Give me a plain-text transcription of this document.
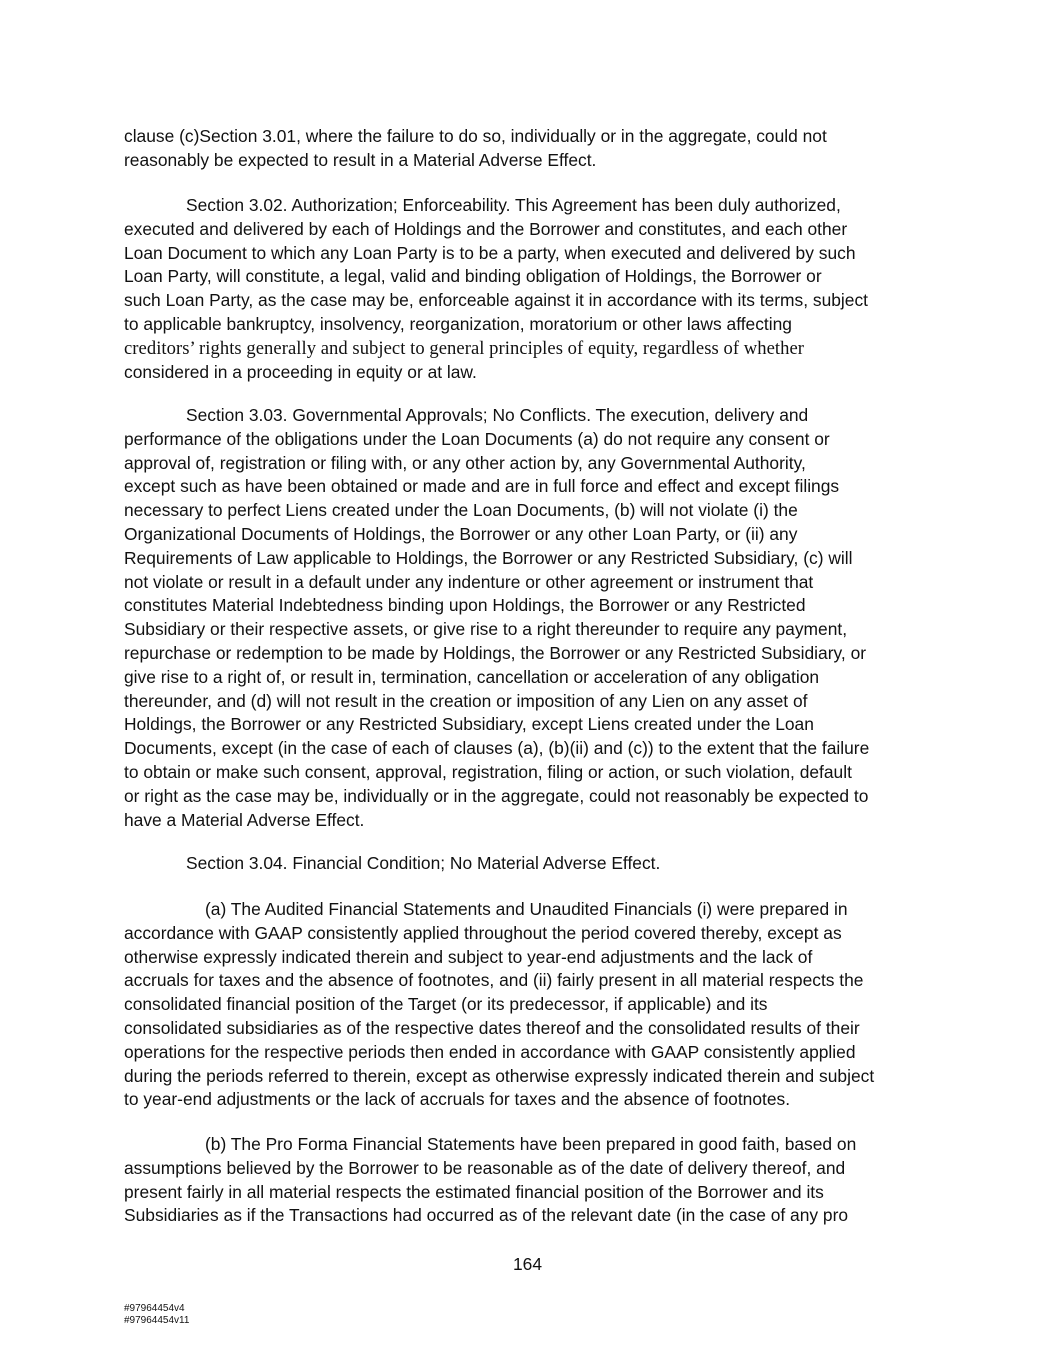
clause (c)Section 3.01, where the failure to do so, individually or in the aggregate, could not
reasonably be expected to result in a Material Adverse Effect.
Section 3.02. Authorization; Enforceability. This Agreement has been duly authorized,
executed and delivered by each of Holdings and the Borrower and constitutes, and each other
Loan Document to which any Loan Party is to be a party, when executed and delivered by such
Loan Party, will constitute, a legal, valid and binding obligation of Holdings, the Borrower or
such Loan Party, as the case may be, enforceable against it in accordance with its terms, subject
to applicable bankruptcy, insolvency, reorganization, moratorium or other laws affecting
creditors’ rights generally and subject to general principles of equity, regardless of whether
considered in a proceeding in equity or at law.
Section 3.03. Governmental Approvals; No Conflicts. The execution, delivery and
performance of the obligations under the Loan Documents (a) do not require any consent or
approval of, registration or filing with, or any other action by, any Governmental Authority,
except such as have been obtained or made and are in full force and effect and except filings
necessary to perfect Liens created under the Loan Documents, (b) will not violate (i) the
Organizational Documents of Holdings, the Borrower or any other Loan Party, or (ii) any
Requirements of Law applicable to Holdings, the Borrower or any Restricted Subsidiary, (c) will
not violate or result in a default under any indenture or other agreement or instrument that
constitutes Material Indebtedness binding upon Holdings, the Borrower or any Restricted
Subsidiary or their respective assets, or give rise to a right thereunder to require any payment,
repurchase or redemption to be made by Holdings, the Borrower or any Restricted Subsidiary, or
give rise to a right of, or result in, termination, cancellation or acceleration of any obligation
thereunder, and (d) will not result in the creation or imposition of any Lien on any asset of
Holdings, the Borrower or any Restricted Subsidiary, except Liens created under the Loan
Documents, except (in the case of each of clauses (a), (b)(ii) and (c)) to the extent that the failure
to obtain or make such consent, approval, registration, filing or action, or such violation, default
or right as the case may be, individually or in the aggregate, could not reasonably be expected to
have a Material Adverse Effect.
Section 3.04. Financial Condition; No Material Adverse Effect.
(a) The Audited Financial Statements and Unaudited Financials (i) were prepared in
accordance with GAAP consistently applied throughout the period covered thereby, except as
otherwise expressly indicated therein and subject to year-end adjustments and the lack of
accruals for taxes and the absence of footnotes, and (ii) fairly present in all material respects the
consolidated financial position of the Target (or its predecessor, if applicable) and its
consolidated subsidiaries as of the respective dates thereof and the consolidated results of their
operations for the respective periods then ended in accordance with GAAP consistently applied
during the periods referred to therein, except as otherwise expressly indicated therein and subject
to year-end adjustments or the lack of accruals for taxes and the absence of footnotes.
(b) The Pro Forma Financial Statements have been prepared in good faith, based on
assumptions believed by the Borrower to be reasonable as of the date of delivery thereof, and
present fairly in all material respects the estimated financial position of the Borrower and its
Subsidiaries as if the Transactions had occurred as of the relevant date (in the case of any pro
164
#97964454v4
#97964454v11
